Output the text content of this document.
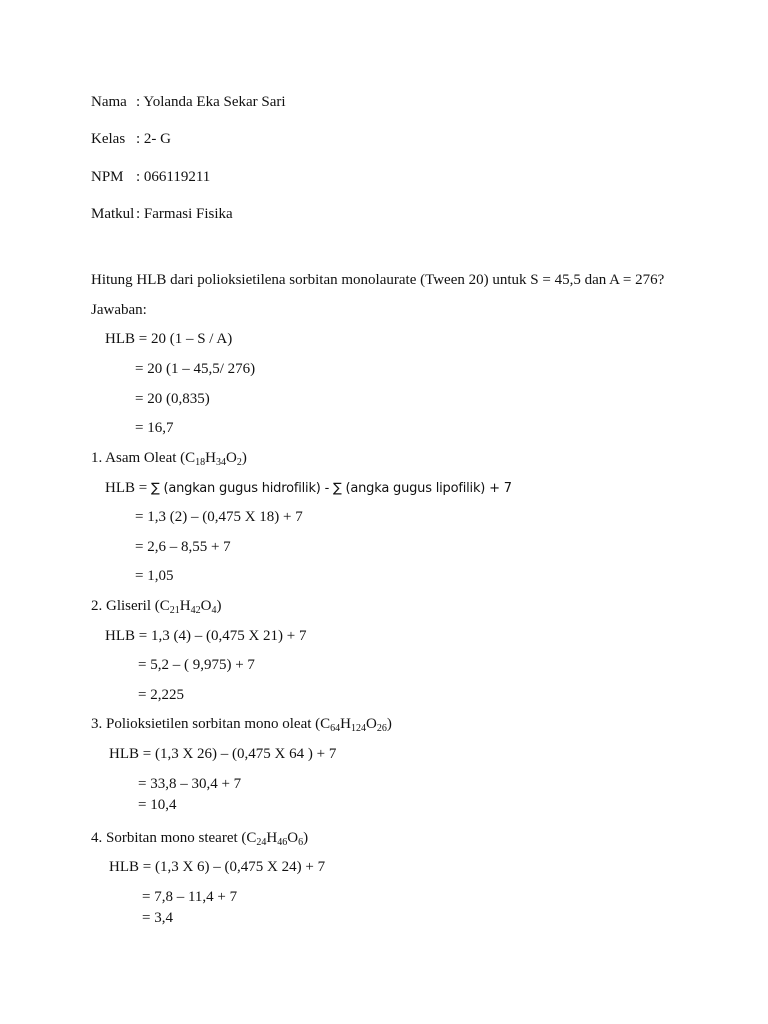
Nama : Yolanda Eka Sekar Sari
Kelas : 2- G
NPM : 066119211
Matkul : Farmasi Fisika
Hitung HLB dari polioksietilena sorbitan monolaurate (Tween 20) untuk S = 45,5 dan A = 276?
Jawaban:
HLB = 20 (1 – S / A)
= 20 (1 – 45,5/ 276)
= 20 (0,835)
= 16,7
1. Asam Oleat $(C_{18}H_{34}O_2)$
HLB = ∑ (angkan gugus hidrofilik) - ∑ (angka gugus lipofilik) + 7
= 1,3 (2) – (0,475 X 18) + 7
= 2,6 – 8,55 + 7
= 1,05
2. Gliseril $(C_{21}H_{42}O_4)$
HLB = 1,3 (4) – (0,475 X 21) + 7
= 5,2 – ( 9,975) + 7
= 2,225
3. Polioksietilen sorbitan mono oleat $(C_{64}H_{124}O_{26})$
HLB = (1,3 X 26) – (0,475 X 64 ) + 7
= 33,8 – 30,4 + 7
= 10,4
4. Sorbitan mono stearet $(C_{24}H_{46}O_6)$
HLB = (1,3 X 6) – (0,475 X 24) + 7
= 7,8 – 11,4 + 7
= 3,4
